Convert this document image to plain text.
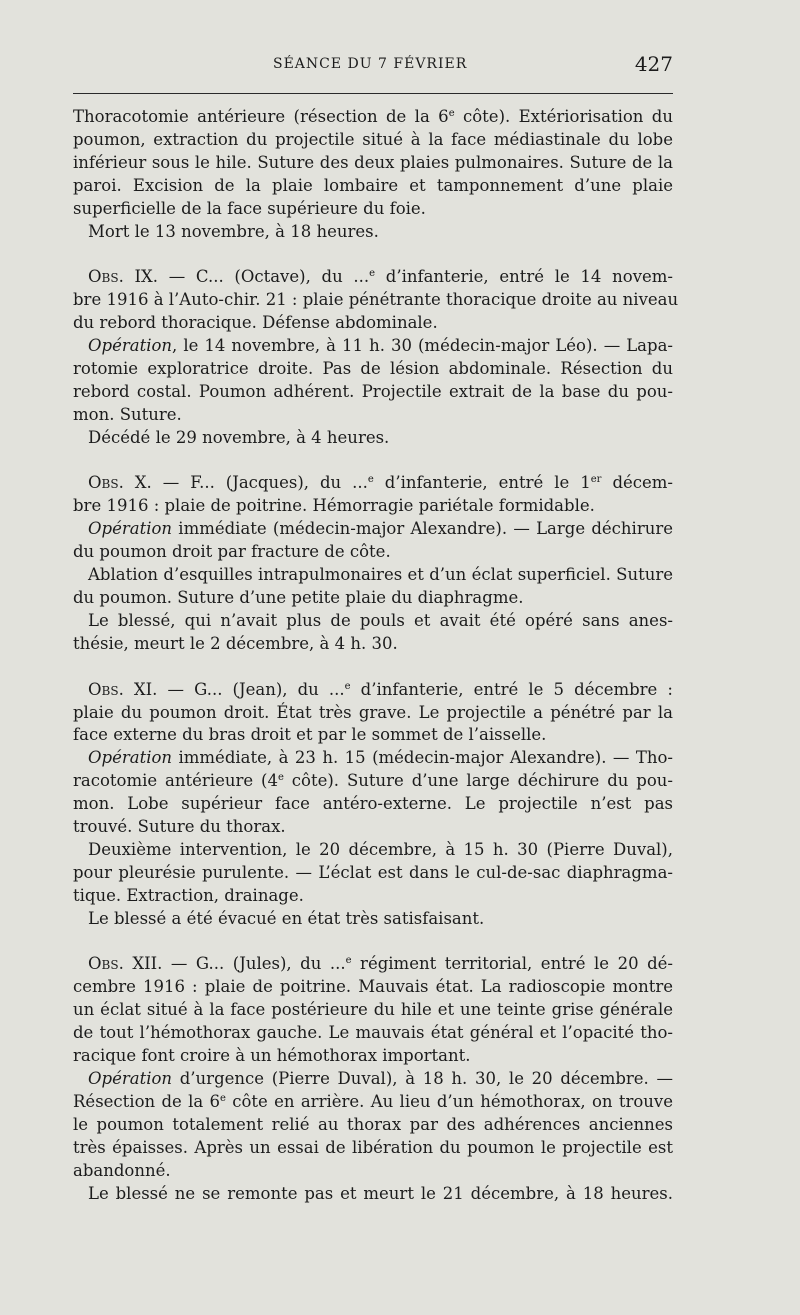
SÉANCE DU 7 FÉVRIER	427
Thoracotomie antérieure (résection de la 6e côte). Extériorisation du
poumon, extraction du projectile situé à la face médiastinale du lobe
inférieur sous le hile. Suture des deux plaies pulmonaires. Suture de la
paroi. Excision de la plaie lombaire et tamponnement d’une plaie
superficielle de la face supérieure du foie.
Mort le 13 novembre, à 18 heures.
Obs. IX. — C... (Octave), du ...$^e$ d’infanterie, entré le 14 novem-
bre 1916 à l’Auto-chir. 21 : plaie pénétrante thoracique droite au niveau
du rebord thoracique. Défense abdominale.
Opération, le 14 novembre, à 11 h. 30 (médecin-major Léo). — Lapa-
rotomie exploratrice droite. Pas de lésion abdominale. Résection du
rebord costal. Poumon adhérent. Projectile extrait de la base du pou-
mon. Suture.
Décédé le 29 novembre, à 4 heures.
Obs. X. — F... (Jacques), du ...$^e$ d’infanterie, entré le 1er décem-
bre 1916 : plaie de poitrine. Hémorragie pariétale formidable.
Opération immédiate (médecin-major Alexandre). — Large déchirure
du poumon droit par fracture de côte.
Ablation d’esquilles intrapulmonaires et d’un éclat superficiel. Suture
du poumon. Suture d’une petite plaie du diaphragme.
Le blessé, qui n’avait plus de pouls et avait été opéré sans anes-
thésie, meurt le 2 décembre, à 4 h. 30.
Obs. XI. — G... (Jean), du ...$^e$ d’infanterie, entré le 5 décembre :
plaie du poumon droit. État très grave. Le projectile a pénétré par la
face externe du bras droit et par le sommet de l’aisselle.
Opération immédiate, à 23 h. 15 (médecin-major Alexandre). — Tho-
racotomie antérieure (4e côte). Suture d’une large déchirure du pou-
mon. Lobe supérieur face antéro-externe. Le projectile n’est pas
trouvé. Suture du thorax.
Deuxième intervention, le 20 décembre, à 15 h. 30 (Pierre Duval),
pour pleurésie purulente. — L’éclat est dans le cul-de-sac diaphragma-
tique. Extraction, drainage.
Le blessé a été évacué en état très satisfaisant.
Obs. XII. — G... (Jules), du ...$^e$ régiment territorial, entré le 20 dé-
cembre 1916 : plaie de poitrine. Mauvais état. La radioscopie montre
un éclat situé à la face postérieure du hile et une teinte grise générale
de tout l’hémothorax gauche. Le mauvais état général et l’opacité tho-
racique font croire à un hémothorax important.
Opération d’urgence (Pierre Duval), à 18 h. 30, le 20 décembre. —
Résection de la 6e côte en arrière. Au lieu d’un hémothorax, on trouve
le poumon totalement relié au thorax par des adhérences anciennes
très épaisses. Après un essai de libération du poumon le projectile est
abandonné.
Le blessé ne se remonte pas et meurt le 21 décembre, à 18 heures.
